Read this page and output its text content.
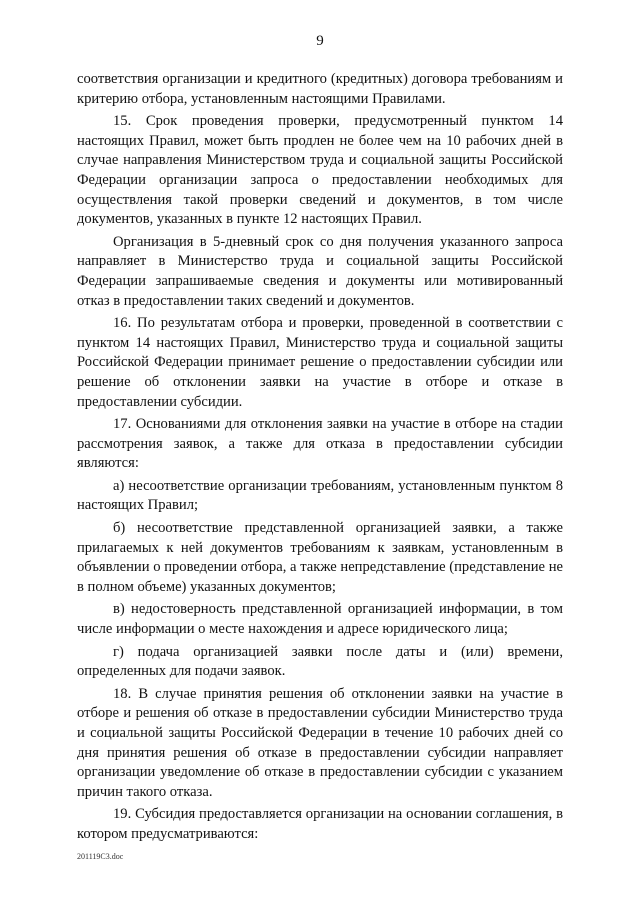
9

соответствия организации и кредитного (кредитных) договора требованиям и критерию отбора, установленным настоящими Правилами.

15. Срок проведения проверки, предусмотренный пунктом 14 настоящих Правил, может быть продлен не более чем на 10 рабочих дней в случае направления Министерством труда и социальной защиты Российской Федерации организации запроса о предоставлении необходимых для осуществления такой проверки сведений и документов, в том числе документов, указанных в пункте 12 настоящих Правил.

Организация в 5-дневный срок со дня получения указанного запроса направляет в Министерство труда и социальной защиты Российской Федерации запрашиваемые сведения и документы или мотивированный отказ в предоставлении таких сведений и документов.

16. По результатам отбора и проверки, проведенной в соответствии с пунктом 14 настоящих Правил, Министерство труда и социальной защиты Российской Федерации принимает решение о предоставлении субсидии или решение об отклонении заявки на участие в отборе и отказе в предоставлении субсидии.

17. Основаниями для отклонения заявки на участие в отборе на стадии рассмотрения заявок, а также для отказа в предоставлении субсидии являются:

а) несоответствие организации требованиям, установленным пунктом 8 настоящих Правил;

б) несоответствие представленной организацией заявки, а также прилагаемых к ней документов требованиям к заявкам, установленным в объявлении о проведении отбора, а также непредставление (представление не в полном объеме) указанных документов;

в) недостоверность представленной организацией информации, в том числе информации о месте нахождения и адресе юридического лица;

г) подача организацией заявки после даты и (или) времени, определенных для подачи заявок.

18. В случае принятия решения об отклонении заявки на участие в отборе и решения об отказе в предоставлении субсидии Министерство труда и социальной защиты Российской Федерации в течение 10 рабочих дней со дня принятия решения об отказе в предоставлении субсидии направляет организации уведомление об отказе в предоставлении субсидии с указанием причин такого отказа.

19. Субсидия предоставляется организации на основании соглашения, в котором предусматриваются:

201119С3.doc
